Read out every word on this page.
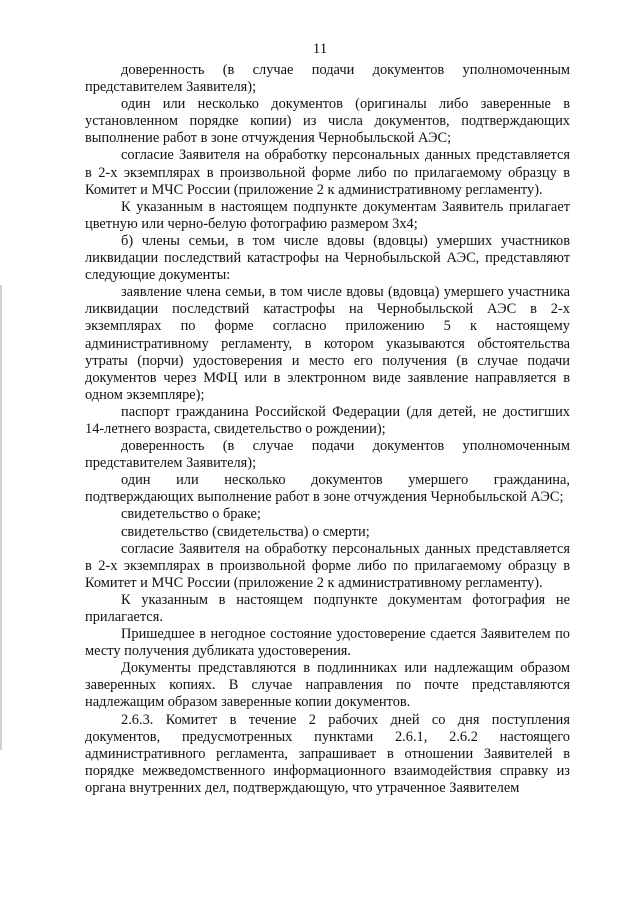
11

доверенность (в случае подачи документов уполномоченным представителем Заявителя);

один или несколько документов (оригиналы либо заверенные в установленном порядке копии) из числа документов, подтверждающих выполнение работ в зоне отчуждения Чернобыльской АЭС;

согласие Заявителя на обработку персональных данных представляется в 2-х экземплярах в произвольной форме либо по прилагаемому образцу в Комитет и МЧС России (приложение 2 к административному регламенту).

К указанным в настоящем подпункте документам Заявитель прилагает цветную или черно-белую фотографию размером 3х4;

б) члены семьи, в том числе вдовы (вдовцы) умерших участников ликвидации последствий катастрофы на Чернобыльской АЭС, представляют следующие документы:

заявление члена семьи, в том числе вдовы (вдовца) умершего участника ликвидации последствий катастрофы на Чернобыльской АЭС в 2-х экземплярах по форме согласно приложению 5 к настоящему административному регламенту, в котором указываются обстоятельства утраты (порчи) удостоверения и место его получения (в случае подачи документов через МФЦ или в электронном виде заявление направляется в одном экземпляре);

паспорт гражданина Российской Федерации (для детей, не достигших 14-летнего возраста, свидетельство о рождении);

доверенность (в случае подачи документов уполномоченным представителем Заявителя);

один или несколько документов умершего гражданина, подтверждающих выполнение работ в зоне отчуждения Чернобыльской АЭС;

свидетельство о браке;

свидетельство (свидетельства) о смерти;

согласие Заявителя на обработку персональных данных представляется в 2-х экземплярах в произвольной форме либо по прилагаемому образцу в Комитет и МЧС России (приложение 2 к административному регламенту).

К указанным в настоящем подпункте документам фотография не прилагается.

Пришедшее в негодное состояние удостоверение сдается Заявителем по месту получения дубликата удостоверения.

Документы представляются в подлинниках или надлежащим образом заверенных копиях. В случае направления по почте представляются надлежащим образом заверенные копии документов.

2.6.3. Комитет в течение 2 рабочих дней со дня поступления документов, предусмотренных пунктами 2.6.1, 2.6.2 настоящего административного регламента, запрашивает в отношении Заявителей в порядке межведомственного информационного взаимодействия справку из органа внутренних дел, подтверждающую, что утраченное Заявителем
